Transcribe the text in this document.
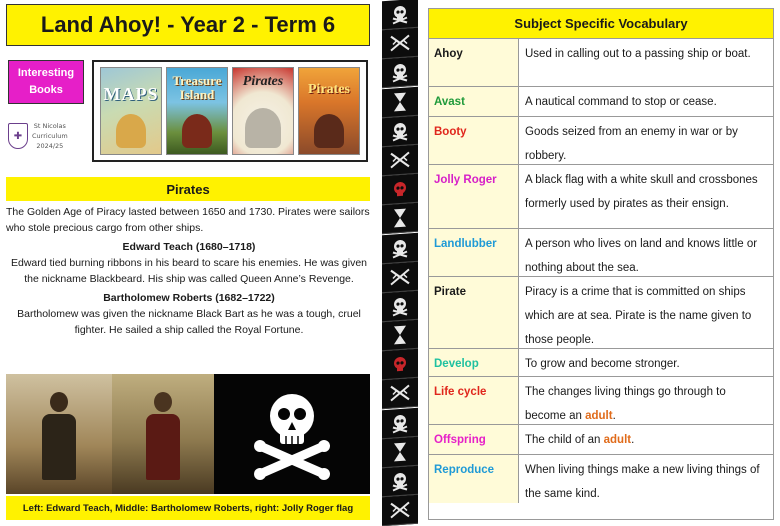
Land Ahoy! - Year 2 - Term 6
Interesting Books
✚
St Nicolas
Curriculum
2024/25
MAPS
Treasure Island
Pirates
Pirates
Pirates

The Golden Age of Piracy lasted between 1650 and 1730. Pirates were sailors who stole precious cargo from other ships.

Edward Teach (1680–1718)

Edward tied burning ribbons in his beard to scare his enemies. He was given the nickname Blackbeard. His ship was called Queen Anne’s Revenge.

Bartholomew Roberts (1682–1722)

Bartholomew was given the nickname Black Bart as he was a tough, cruel fighter. He sailed a ship called the Royal Fortune.

Left: Edward Teach, Middle: Bartholomew Roberts, right: Jolly Roger flag
Subject Specific Vocabulary
Ahoy	Used in calling out to a passing ship or boat.
Avast	A nautical command to stop or cease.
Booty	Goods seized from an enemy in war or by robbery.
Jolly Roger	A black flag with a white skull and crossbones formerly used by pirates as their ensign.
Landlubber	A person who lives on land and knows little or nothing about the sea.
Pirate	Piracy is a crime that is committed on ships which are at sea. Pirate is the name given to those people.
Develop	To grow and become stronger.
Life cycle	The changes living things go through to become an adult.
Offspring	The child of an adult.
Reproduce	When living things make a new living things of the same kind.
